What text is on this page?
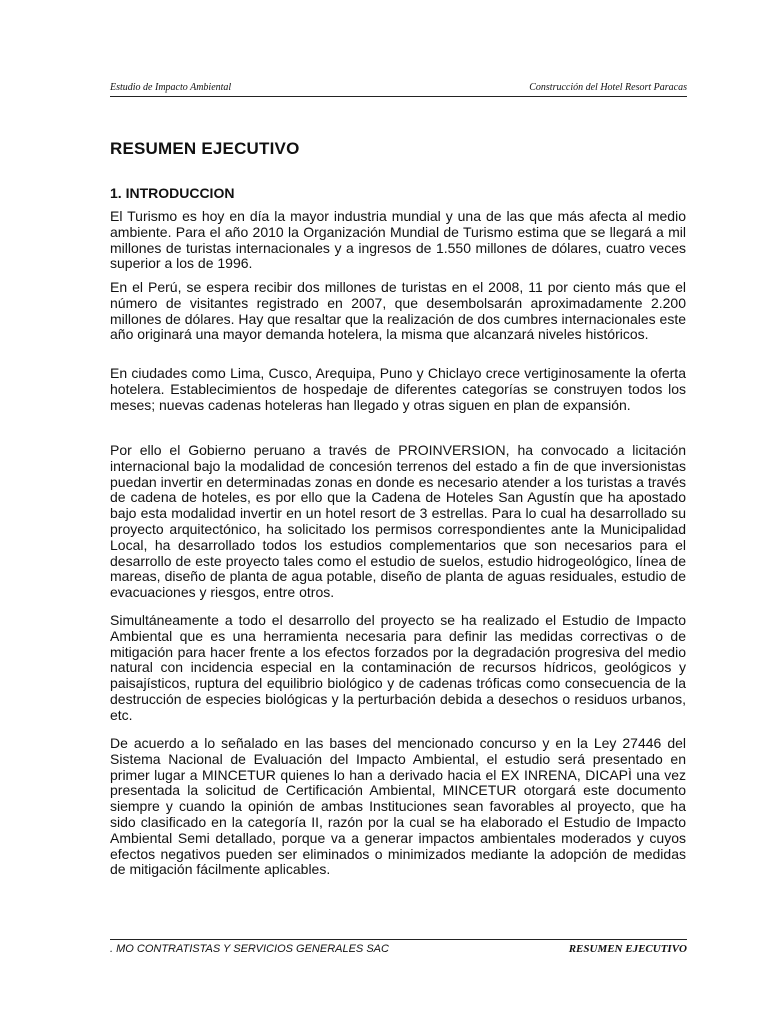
Estudio de Impacto Ambiental	Construcción del Hotel Resort Paracas
RESUMEN EJECUTIVO
1. INTRODUCCION

El Turismo es hoy en día la mayor industria mundial y una de las que más afecta al medio ambiente. Para el año 2010 la Organización Mundial de Turismo estima que se llegará a mil millones de turistas internacionales y a ingresos de 1.550 millones de dólares, cuatro veces superior a los de 1996.

En el Perú, se espera recibir dos millones de turistas en el 2008, 11 por ciento más que el número de visitantes registrado en 2007, que desembolsarán aproximadamente 2.200 millones de dólares. Hay que resaltar que la realización de dos cumbres internacionales este año originará una mayor demanda hotelera, la misma que alcanzará niveles históricos.

En ciudades como Lima, Cusco, Arequipa, Puno y Chiclayo crece vertiginosamente la oferta hotelera. Establecimientos de hospedaje de diferentes categorías se construyen todos los meses; nuevas cadenas hoteleras han llegado y otras siguen en plan de expansión.

Por ello el Gobierno peruano a través de PROINVERSION, ha convocado a licitación internacional bajo la modalidad de concesión terrenos del estado a fin de que inversionistas puedan invertir en determinadas zonas en donde es necesario atender a los turistas a través de cadena de hoteles, es por ello que la Cadena de Hoteles San Agustín que ha apostado bajo esta modalidad invertir en un hotel resort de 3 estrellas. Para lo cual ha desarrollado su proyecto arquitectónico, ha solicitado los permisos correspondientes ante la Municipalidad Local, ha desarrollado todos los estudios complementarios que son necesarios para el desarrollo de este proyecto tales como el estudio de suelos, estudio hidrogeológico, línea de mareas, diseño de planta de agua potable, diseño de planta de aguas residuales, estudio de evacuaciones y riesgos, entre otros.

Simultáneamente a todo el desarrollo del proyecto se ha realizado el Estudio de Impacto Ambiental que es una herramienta necesaria para definir las medidas correctivas o de mitigación para hacer frente a los efectos forzados por la degradación progresiva del medio natural con incidencia especial en la contaminación de recursos hídricos, geológicos y paisajísticos, ruptura del equilibrio biológico y de cadenas tróficas como consecuencia de la destrucción de especies biológicas y la perturbación debida a desechos o residuos urbanos, etc.

De acuerdo a lo señalado en las bases del mencionado concurso y en la Ley 27446 del Sistema Nacional de Evaluación del Impacto Ambiental, el estudio será presentado en primer lugar a MINCETUR quienes lo han a derivado hacia el EX INRENA, DICAPÌ una vez presentada la solicitud de Certificación Ambiental, MINCETUR otorgará este documento siempre y cuando la opinión de ambas Instituciones sean favorables al proyecto, que ha sido clasificado en la categoría II, razón por la cual se ha elaborado el Estudio de Impacto Ambiental Semi detallado, porque va a generar impactos ambientales moderados y cuyos efectos negativos pueden ser eliminados o minimizados mediante la adopción de medidas de mitigación fácilmente aplicables.

. MO CONTRATISTAS Y SERVICIOS GENERALES SAC	RESUMEN EJECUTIVO
